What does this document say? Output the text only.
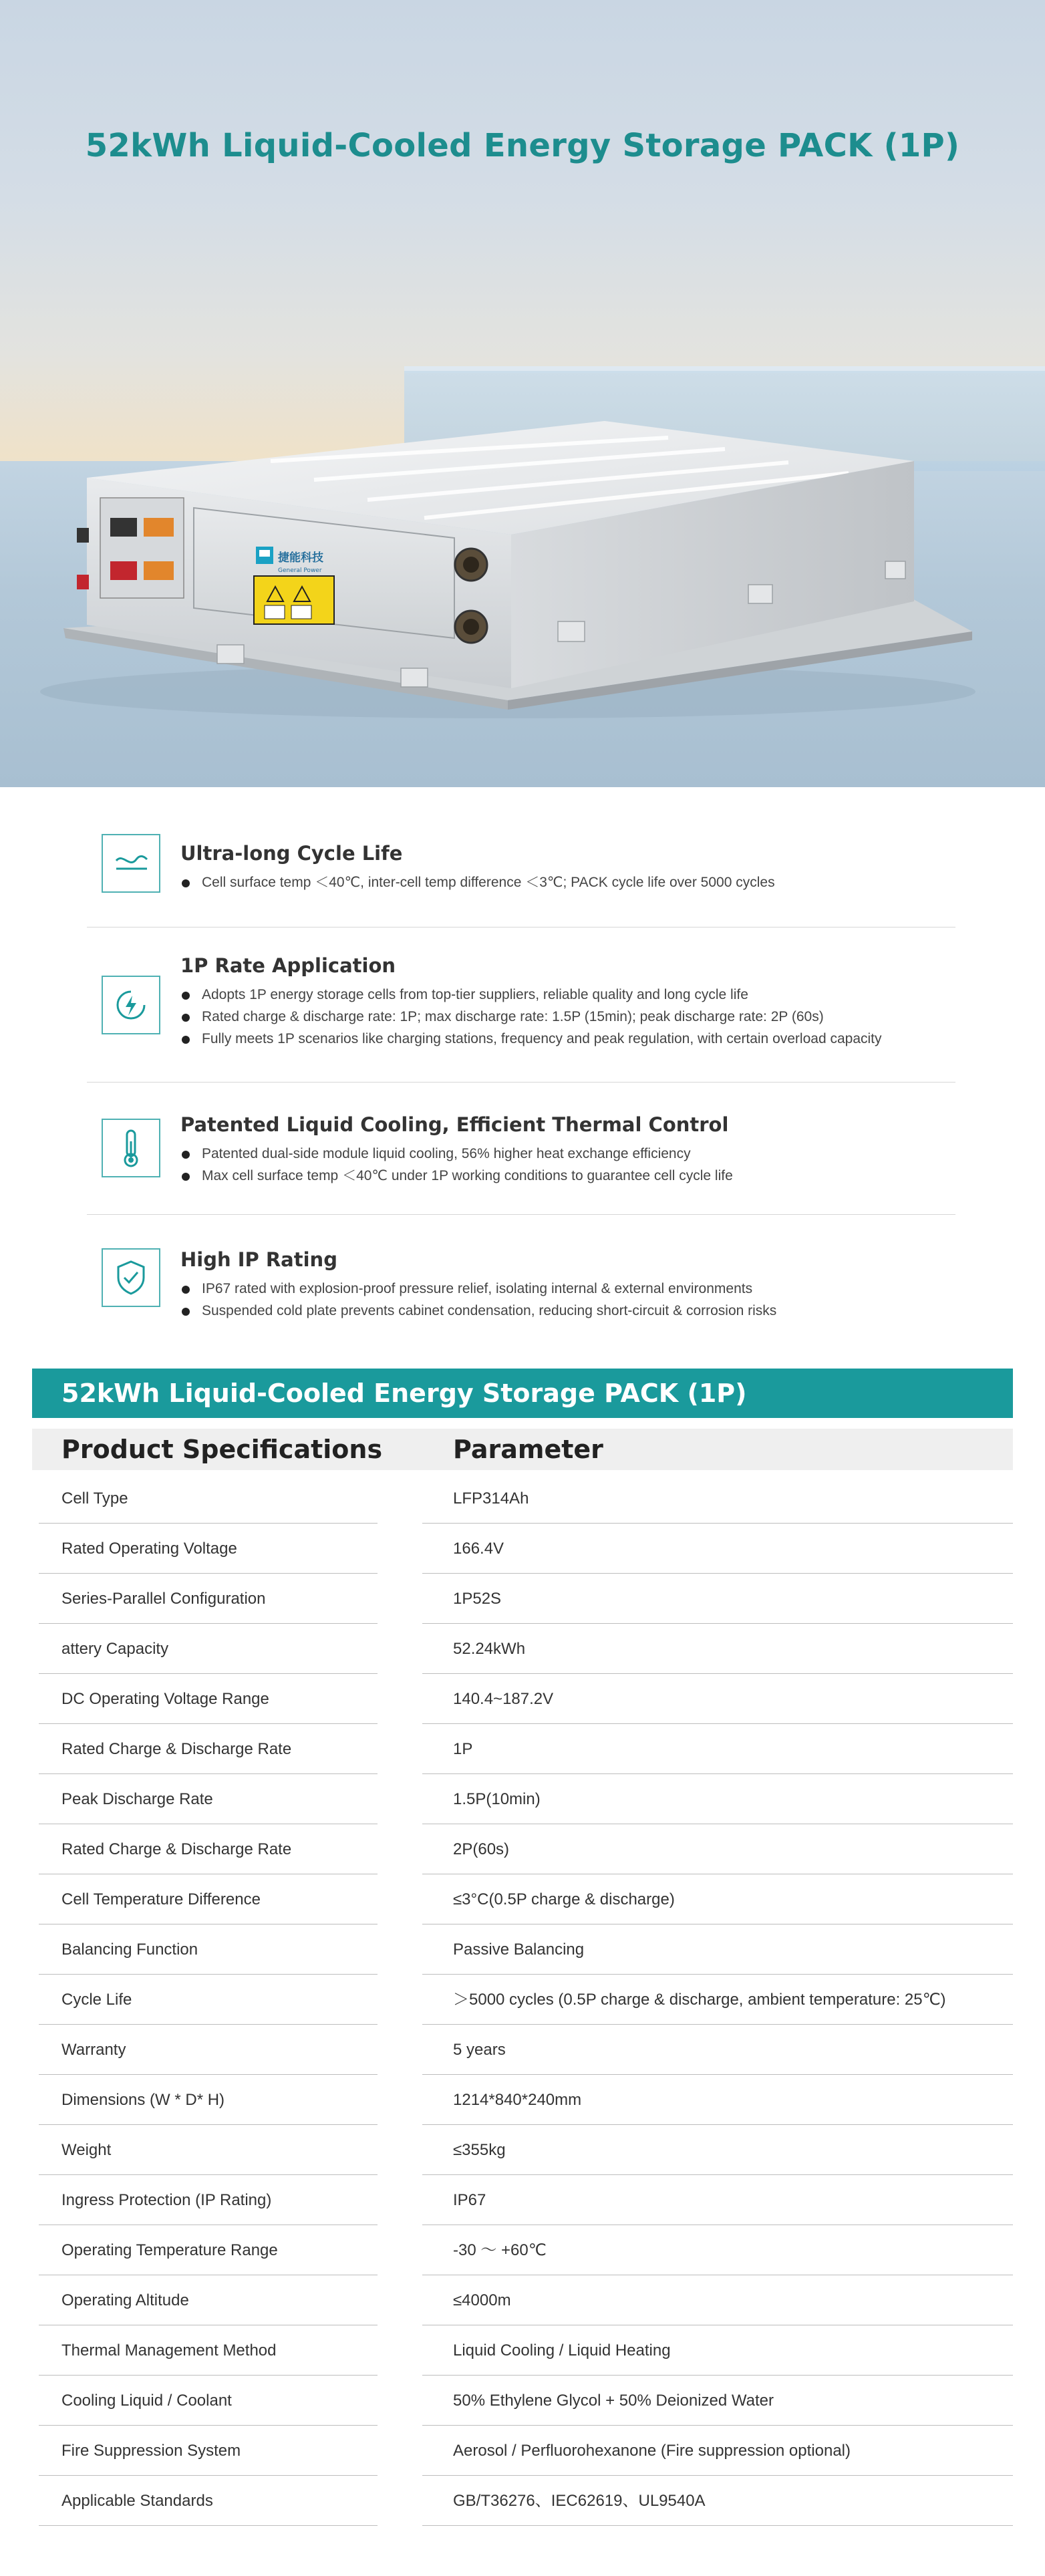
52kWh Liquid-Cooled Energy Storage PACK (1P)
捷能科技
General Power
Ultra-long Cycle Life
Cell surface temp ＜40℃, inter-cell temp difference ＜3℃; PACK cycle life over 5000 cycles
1P Rate Application
Adopts 1P energy storage cells from top-tier suppliers, reliable quality and long cycle life
Rated charge & discharge rate: 1P; max discharge rate: 1.5P (15min); peak discharge rate: 2P (60s)
Fully meets 1P scenarios like charging stations, frequency and peak regulation, with certain overload capacity
Patented Liquid Cooling, Efficient Thermal Control
Patented dual-side module liquid cooling, 56% higher heat exchange efficiency
Max cell surface temp ＜40℃ under 1P working conditions to guarantee cell cycle life
High IP Rating
IP67 rated with explosion-proof pressure relief, isolating internal & external environments
Suspended cold plate prevents cabinet condensation, reducing short-circuit & corrosion risks
52kWh Liquid-Cooled Energy Storage PACK (1P)
Product Specifications	Parameter
Cell Type	LFP314Ah
Rated Operating Voltage	166.4V
Series-Parallel Configuration	1P52S
attery Capacity	52.24kWh
DC Operating Voltage Range	140.4~187.2V
Rated Charge & Discharge Rate	1P
Peak Discharge Rate	1.5P(10min)
Rated Charge & Discharge Rate	2P(60s)
Cell Temperature Difference	≤3°C(0.5P charge & discharge)
Balancing Function	Passive Balancing
Cycle Life	＞5000 cycles (0.5P charge & discharge, ambient temperature: 25℃)
Warranty	5 years
Dimensions (W * D* H)	1214*840*240mm
Weight	≤355kg
Ingress Protection (IP Rating)	IP67
Operating Temperature Range	-30 ～ +60℃
Operating Altitude	≤4000m
Thermal Management Method	Liquid Cooling / Liquid Heating
Cooling Liquid / Coolant	50% Ethylene Glycol + 50% Deionized Water
Fire Suppression System	Aerosol / Perfluorohexanone (Fire suppression optional)
Applicable Standards	GB/T36276、IEC62619、UL9540A
